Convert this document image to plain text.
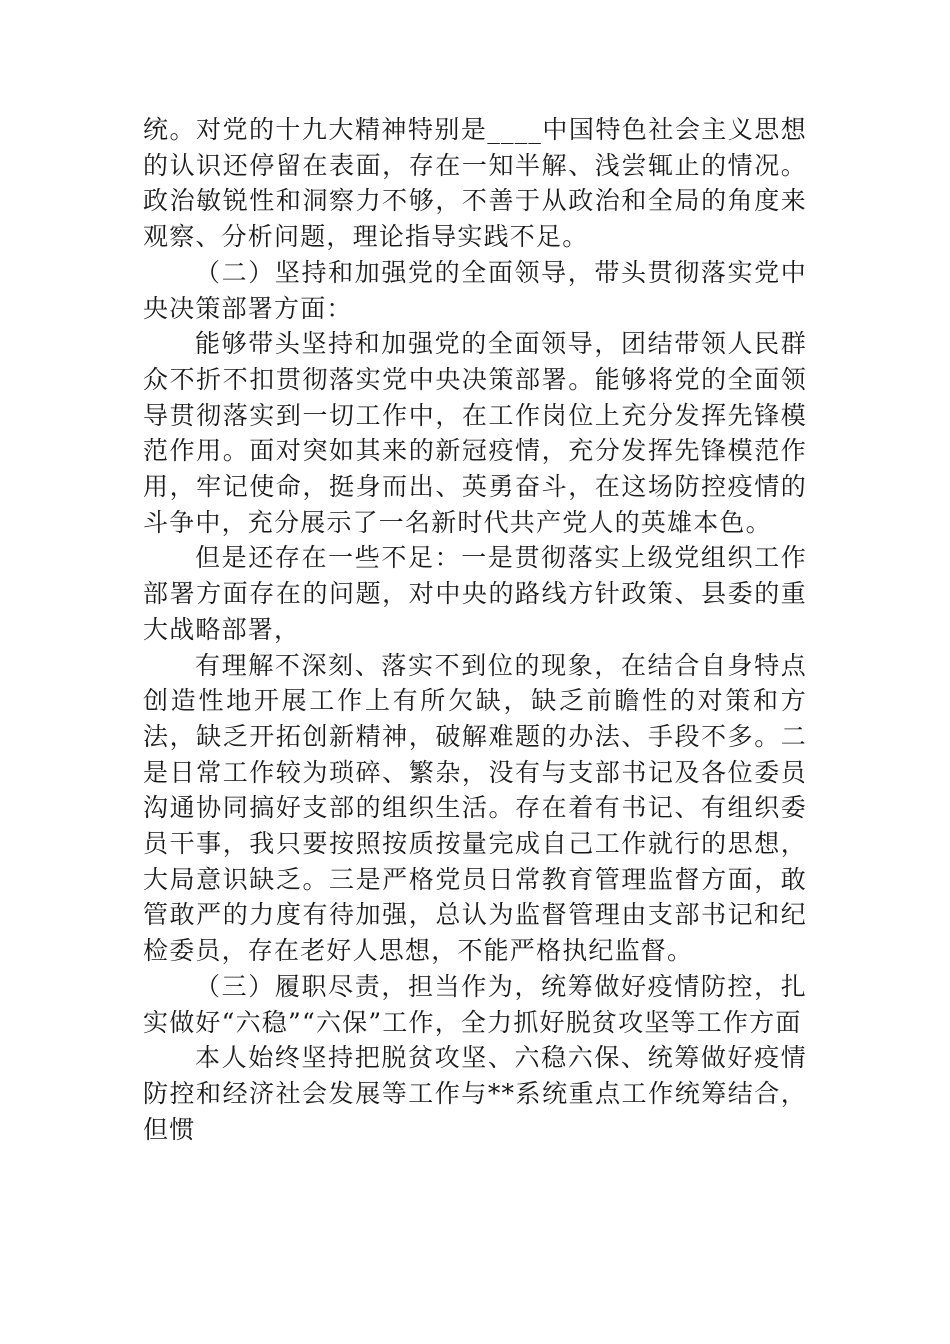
统。对党的十九大精神特别是____中国特色社会主义思想的认识还停留在表面，存在一知半解、浅尝辄止的情况。政治敏锐性和洞察力不够，不善于从政治和全局的角度来观察、分析问题，理论指导实践不足。

（二）坚持和加强党的全面领导，带头贯彻落实党中央决策部署方面：

能够带头坚持和加强党的全面领导，团结带领人民群众不折不扣贯彻落实党中央决策部署。能够将党的全面领导贯彻落实到一切工作中，在工作岗位上充分发挥先锋模范作用。面对突如其来的新冠疫情，充分发挥先锋模范作用，牢记使命，挺身而出、英勇奋斗，在这场防控疫情的斗争中，充分展示了一名新时代共产党人的英雄本色。

但是还存在一些不足：一是贯彻落实上级党组织工作部署方面存在的问题，对中央的路线方针政策、县委的重大战略部署，

有理解不深刻、落实不到位的现象，在结合自身特点创造性地开展工作上有所欠缺，缺乏前瞻性的对策和方法，缺乏开拓创新精神，破解难题的办法、手段不多。二是日常工作较为琐碎、繁杂，没有与支部书记及各位委员沟通协同搞好支部的组织生活。存在着有书记、有组织委员干事，我只要按照按质按量完成自己工作就行的思想，大局意识缺乏。三是严格党员日常教育管理监督方面，敢管敢严的力度有待加强，总认为监督管理由支部书记和纪检委员，存在老好人思想，不能严格执纪监督。

（三）履职尽责，担当作为，统筹做好疫情防控，扎实做好“六稳”“六保”工作，全力抓好脱贫攻坚等工作方面

本人始终坚持把脱贫攻坚、六稳六保、统筹做好疫情防控和经济社会发展等工作与**系统重点工作统筹结合，但惯
